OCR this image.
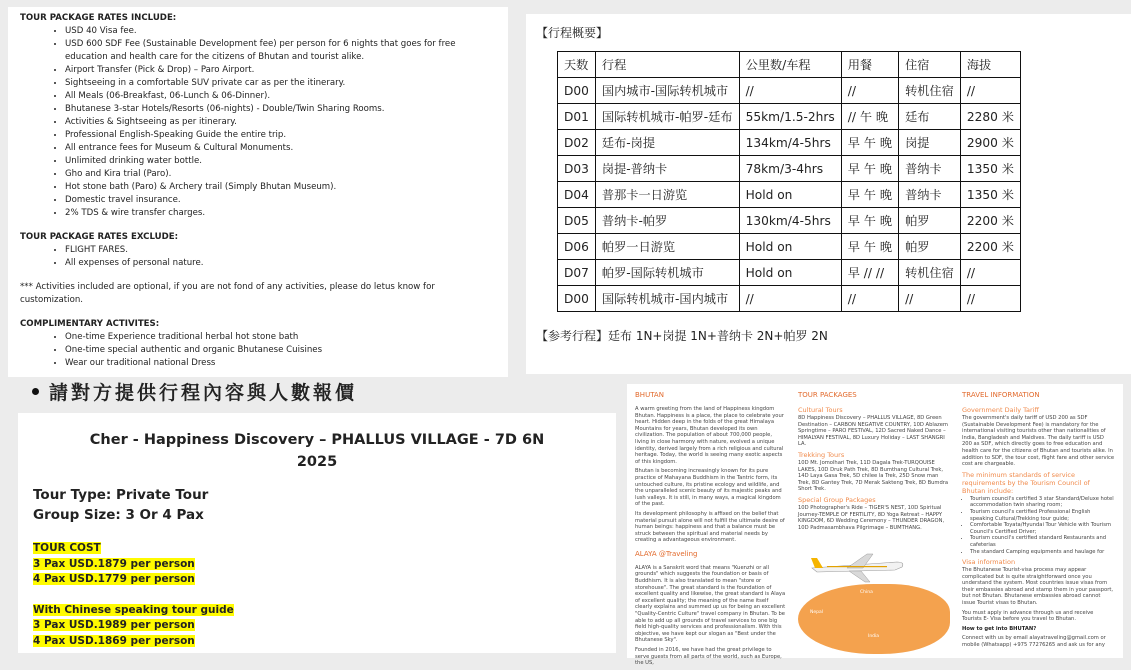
TOUR PACKAGE RATES INCLUDE:
• USD 40 Visa fee.
• USD 600 SDF Fee (Sustainable Development fee) per person for 6 nights that goes for free education and health care for the citizens of Bhutan and tourist alike.
• Airport Transfer (Pick & Drop) – Paro Airport.
• Sightseeing in a comfortable SUV private car as per the itinerary.
• All Meals (06-Breakfast, 06-Lunch & 06-Dinner).
• Bhutanese 3-star Hotels/Resorts (06-nights) - Double/Twin Sharing Rooms.
• Activities & Sightseeing as per itinerary.
• Professional English-Speaking Guide the entire trip.
• All entrance fees for Museum & Cultural Monuments.
• Unlimited drinking water bottle.
• Gho and Kira trial (Paro).
• Hot stone bath (Paro) & Archery trail (Simply Bhutan Museum).
• Domestic travel insurance.
• 2% TDS & wire transfer charges.
TOUR PACKAGE RATES EXCLUDE:
• FLIGHT FARES.
• All expenses of personal nature.

*** Activities included are optional, if you are not fond of any activities, please do letus know for customization.

COMPLIMENTARY ACTIVITES:
• One-time Experience traditional herbal hot stone bath
• One-time special authentic and organic Bhutanese Cuisines
• Wear our traditional national Dress
請對方提供行程內容與人數報價
Cher - Happiness Discovery – PHALLUS VILLAGE - 7D 6N
2025
Tour Type: Private Tour
Group Size: 3 Or 4 Pax
TOUR COST
3 Pax USD.1879 per person
4 Pax USD.1779 per person
With Chinese speaking tour guide
3 Pax USD.1989 per person
4 Pax USD.1869 per person
【行程概要】
天数	行程	公里数/车程	用餐	住宿	海拔
D00	国内城市-国际转机城市	//	//	转机住宿	//
D01	国际转机城市-帕罗-廷布	55km/1.5-2hrs	// 午 晚	廷布	2280 米
D02	廷布-岗提	134km/4-5hrs	早 午 晚	岗提	2900 米
D03	岗提-普纳卡	78km/3-4hrs	早 午 晚	普纳卡	1350 米
D04	普那卡一日游览	Hold on	早 午 晚	普纳卡	1350 米
D05	普纳卡-帕罗	130km/4-5hrs	早 午 晚	帕罗	2200 米
D06	帕罗一日游览	Hold on	早 午 晚	帕罗	2200 米
D07	帕罗-国际转机城市	Hold on	早 // //	转机住宿	//
D00	国际转机城市-国内城市	//	//	//	//
【参考行程】廷布 1N+岗提 1N+普纳卡 2N+帕罗 2N
BHUTAN

A warm greeting from the land of Happiness kingdom Bhutan. Happiness is a place, the place to celebrate your heart. Hidden deep in the folds of the great Himalaya Mountains for years, Bhutan developed its own civilization. The population of about 700,000 people, living in close harmony with nature, evolved a unique identity, derived largely from a rich religious and cultural heritage. Today, the world is seeing many exotic aspects of this kingdom.

Bhutan is becoming increasingly known for its pure practice of Mahayana Buddhism in the Tantric form, its untouched culture, its pristine ecology and wildlife, and the unparalleled scenic beauty of its majestic peaks and lush valleys. It is still, in many ways, a magical kingdom of the past.

Its development philosophy is affixed on the belief that material pursuit alone will not fulfill the ultimate desire of human beings: happiness and that a balance must be struck between the spiritual and material needs by creating a advantageous environment.

ALAYA @Traveling

ALAYA is a Sanskrit word that means "Kuenzhi or all grounds" which suggests the foundation or basis of Buddhism. It is also translated to mean "store or storehouse". The great standard is the foundation of excellent quality and likewise, the great standard is Alaya of excellent quality; the meaning of the name itself clearly explains and summed up us for being an excellent "Quality-Centric Culture" travel company in Bhutan. To be able to add up all grounds of travel services to one big field high-quality services and professionalism. With this objective, we have kept our slogan as "Best under the Bhutanese Sky".

Founded in 2016, we have had the great privilege to serve guests from all parts of the world, such as Europe, the US,

TOUR PACKAGES
Cultural Tours

8D Happiness Discovery – PHALLUS VILLAGE, 8D Green Destination – CARBON NEGATIVE COUNTRY, 10D Ablazem Springtime – PARO FESTIVAL, 12D Sacred Naked Dance – HIMALYAN FESTIVAL, 8D Luxury Holiday – LAST SHANGRI LA.

Trekking Tours

10D Mt. Jomolhari Trek, 11D Dagala Trek-TURQOUISE LAKES, 10D Druk Path Trek, 8D Bumthang Cultural Trek, 14D Laya Gasa Trek, 5D chilee la Trek, 25D Snow man Trek, 8D Gantey Trek, 7D Merak Sakteng Trek, 8D Bumdra Short Trek.

Special Group Packages

10D Photographer's Ride – TIGER'S NEST, 10D Spiritual Journey-TEMPLE OF FERTILITY, 8D Yoga Retreat – HAPPY KINGDOM, 6D Wedding Ceremony – THUNDER DRAGON, 10D Padmasambhava Pilgrimage – BUMTHANG.

China
Nepal
India
TRAVEL INFORMATION
Government Daily Tariff

The government's daily tariff of USD 200 as SDF (Sustainable Development Fee) is mandatory for the international visiting tourists other than nationalities of India, Bangladesh and Maldives. The daily tariff is USD 200 as SDF, which directly goes to free education and health care for the citizens of Bhutan and tourists alike. In addition to SDF, the tour cost, flight fare and other service cost are chargeable.

The minimum standards of service requirements by the Tourism Council of Bhutan include:
• Tourism council's certified 3 star Standard/Deluxe hotel accommodation twin sharing room;
• Tourism council's certified Professional English speaking Cultural/Trekking tour guide;
• Comfortable Toyata/Hyundai Tour Vehicle with Tourism Council's Certified Driver;
• Tourism council's certified standard Restaurants and cafeterias
• The standard Camping equipments and haulage for
Visa information

The Bhutanese Tourist-visa process may appear complicated but is quite straightforward once you understand the system. Most countries issue visas from their embassies abroad and stamp them in your passport, but not Bhutan. Bhutanese embassies abroad cannot issue Tourist visas to Bhutan.

You must apply in advance through us and receive Tourists E- Visa before you travel to Bhutan.

How to get into BHUTAN?

Connect with us by email alayatraveling@gmail.com or mobile (Whatsapp) +975 77276265 and ask us for any
